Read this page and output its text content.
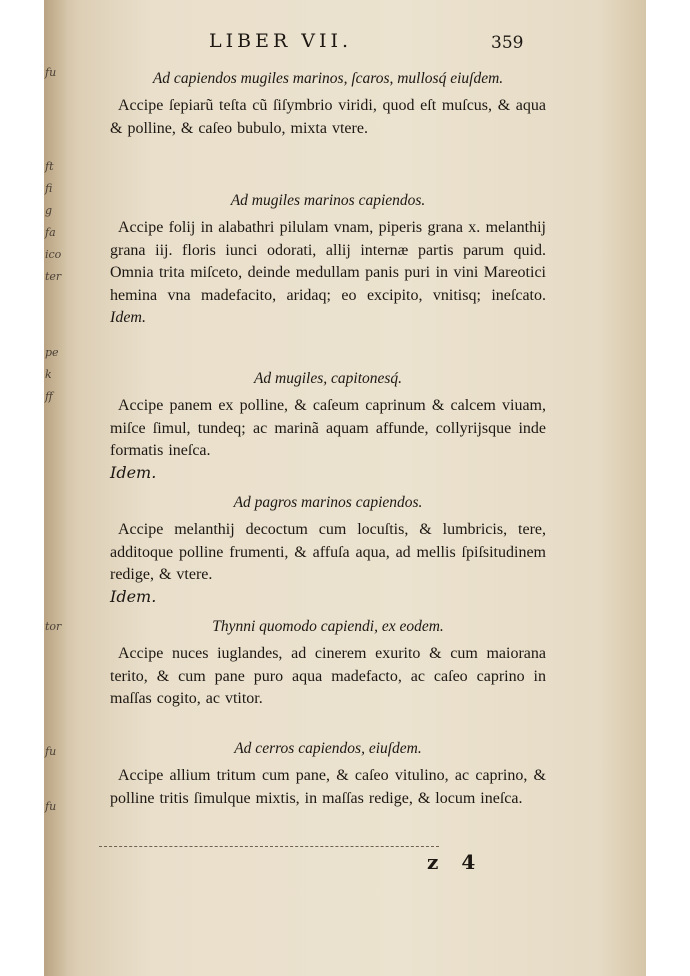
fu
ft
fi
g
fa
ico
ter
pe
k
ff
tor
fu
fu
LIBER VII.	359
Ad capiendos mugiles marinos, ſcaros, mullosq́ eiuſdem.
Accipe ſepiarũ teſta cũ ſiſymbrio viridi, quod eſt muſcus, & aqua & polline, & caſeo bubulo, mixta vtere.
Ad mugiles marinos capiendos.
Accipe folij in alabathri pilulam vnam, piperis grana x. melanthij grana iij. floris iunci odorati, allij internæ partis parum quid. Omnia trita miſceto, deinde medullam panis puri in vini Mareotici hemina vna madefacito, aridaq; eo excipito, vnitisq; ineſcato. Idem.
Ad mugiles, capitonesq́.
Accipe panem ex polline, & caſeum caprinum & calcem viuam, miſce ſimul, tundeq; ac marinã aquam affunde, collyrijsque inde formatis ineſca.
Idem.
Ad pagros marinos capiendos.
Accipe melanthij decoctum cum locuſtis, & lumbricis, tere, additoque polline frumenti, & affuſa aqua, ad mellis ſpiſsitudinem redige, & vtere.
Idem.
Thynni quomodo capiendi, ex eodem.
Accipe nuces iuglandes, ad cinerem exurito & cum maiorana terito, & cum pane puro aqua madefacto, ac caſeo caprino in maſſas cogito, ac vtitor.
Ad cerros capiendos, eiuſdem.
Accipe allium tritum cum pane, & caſeo vitulino, ac caprino, & polline tritis ſimulque mixtis, in maſſas redige, & locum ineſca.
z 4
